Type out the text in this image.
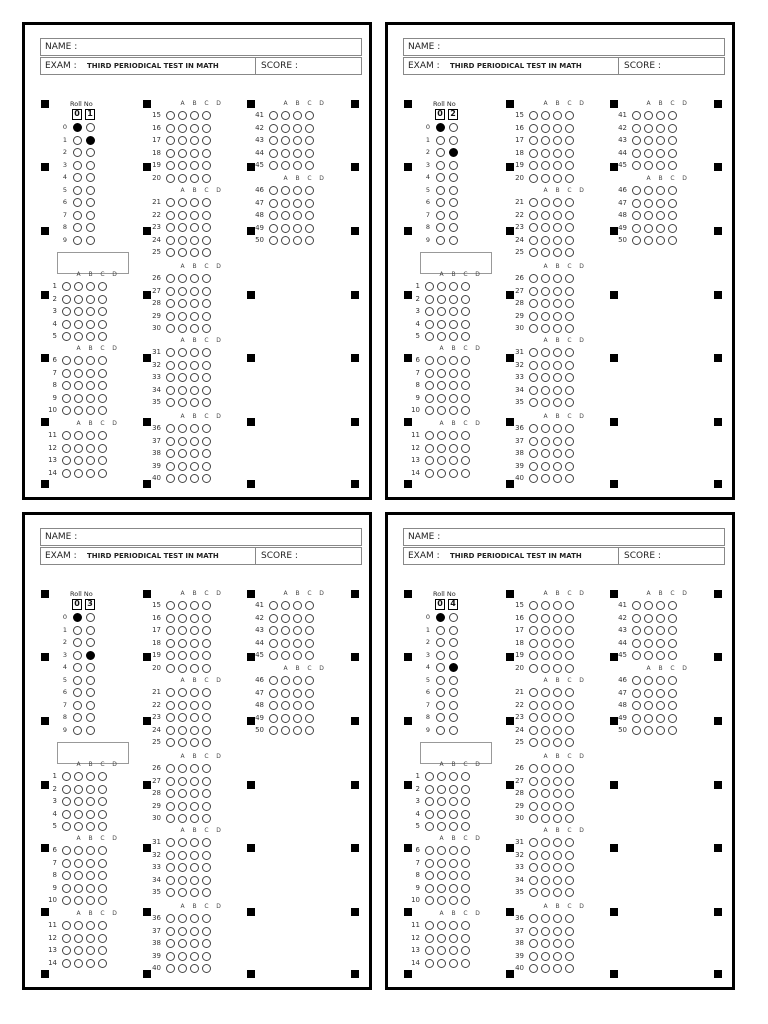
NAME :
EXAM : THIRD PERIODICAL TEST IN MATH	SCORE :
Roll No
0 1
0
1
2
3
4
5
6
7
8
9
A	B	C	D
1
2
3
4
5
A	B	C	D
6
7
8
9
10
A	B	C	D
11
12
13
14
A	B	C	D
15
16
17
18
19
20
A	B	C	D
21
22
23
24
25
A	B	C	D
26
27
28
29
30
A	B	C	D
31
32
33
34
35
A	B	C	D
36
37
38
39
40
A	B	C	D
41
42
43
44
45
A	B	C	D
46
47
48
49
50
NAME :
EXAM : THIRD PERIODICAL TEST IN MATH	SCORE :
Roll No
0 2
0
1
2
3
4
5
6
7
8
9
A	B	C	D
1
2
3
4
5
A	B	C	D
6
7
8
9
10
A	B	C	D
11
12
13
14
A	B	C	D
15
16
17
18
19
20
A	B	C	D
21
22
23
24
25
A	B	C	D
26
27
28
29
30
A	B	C	D
31
32
33
34
35
A	B	C	D
36
37
38
39
40
A	B	C	D
41
42
43
44
45
A	B	C	D
46
47
48
49
50
NAME :
EXAM : THIRD PERIODICAL TEST IN MATH	SCORE :
Roll No
0 3
0
1
2
3
4
5
6
7
8
9
A	B	C	D
1
2
3
4
5
A	B	C	D
6
7
8
9
10
A	B	C	D
11
12
13
14
A	B	C	D
15
16
17
18
19
20
A	B	C	D
21
22
23
24
25
A	B	C	D
26
27
28
29
30
A	B	C	D
31
32
33
34
35
A	B	C	D
36
37
38
39
40
A	B	C	D
41
42
43
44
45
A	B	C	D
46
47
48
49
50
NAME :
EXAM : THIRD PERIODICAL TEST IN MATH	SCORE :
Roll No
0 4
0
1
2
3
4
5
6
7
8
9
A	B	C	D
1
2
3
4
5
A	B	C	D
6
7
8
9
10
A	B	C	D
11
12
13
14
A	B	C	D
15
16
17
18
19
20
A	B	C	D
21
22
23
24
25
A	B	C	D
26
27
28
29
30
A	B	C	D
31
32
33
34
35
A	B	C	D
36
37
38
39
40
A	B	C	D
41
42
43
44
45
A	B	C	D
46
47
48
49
50
